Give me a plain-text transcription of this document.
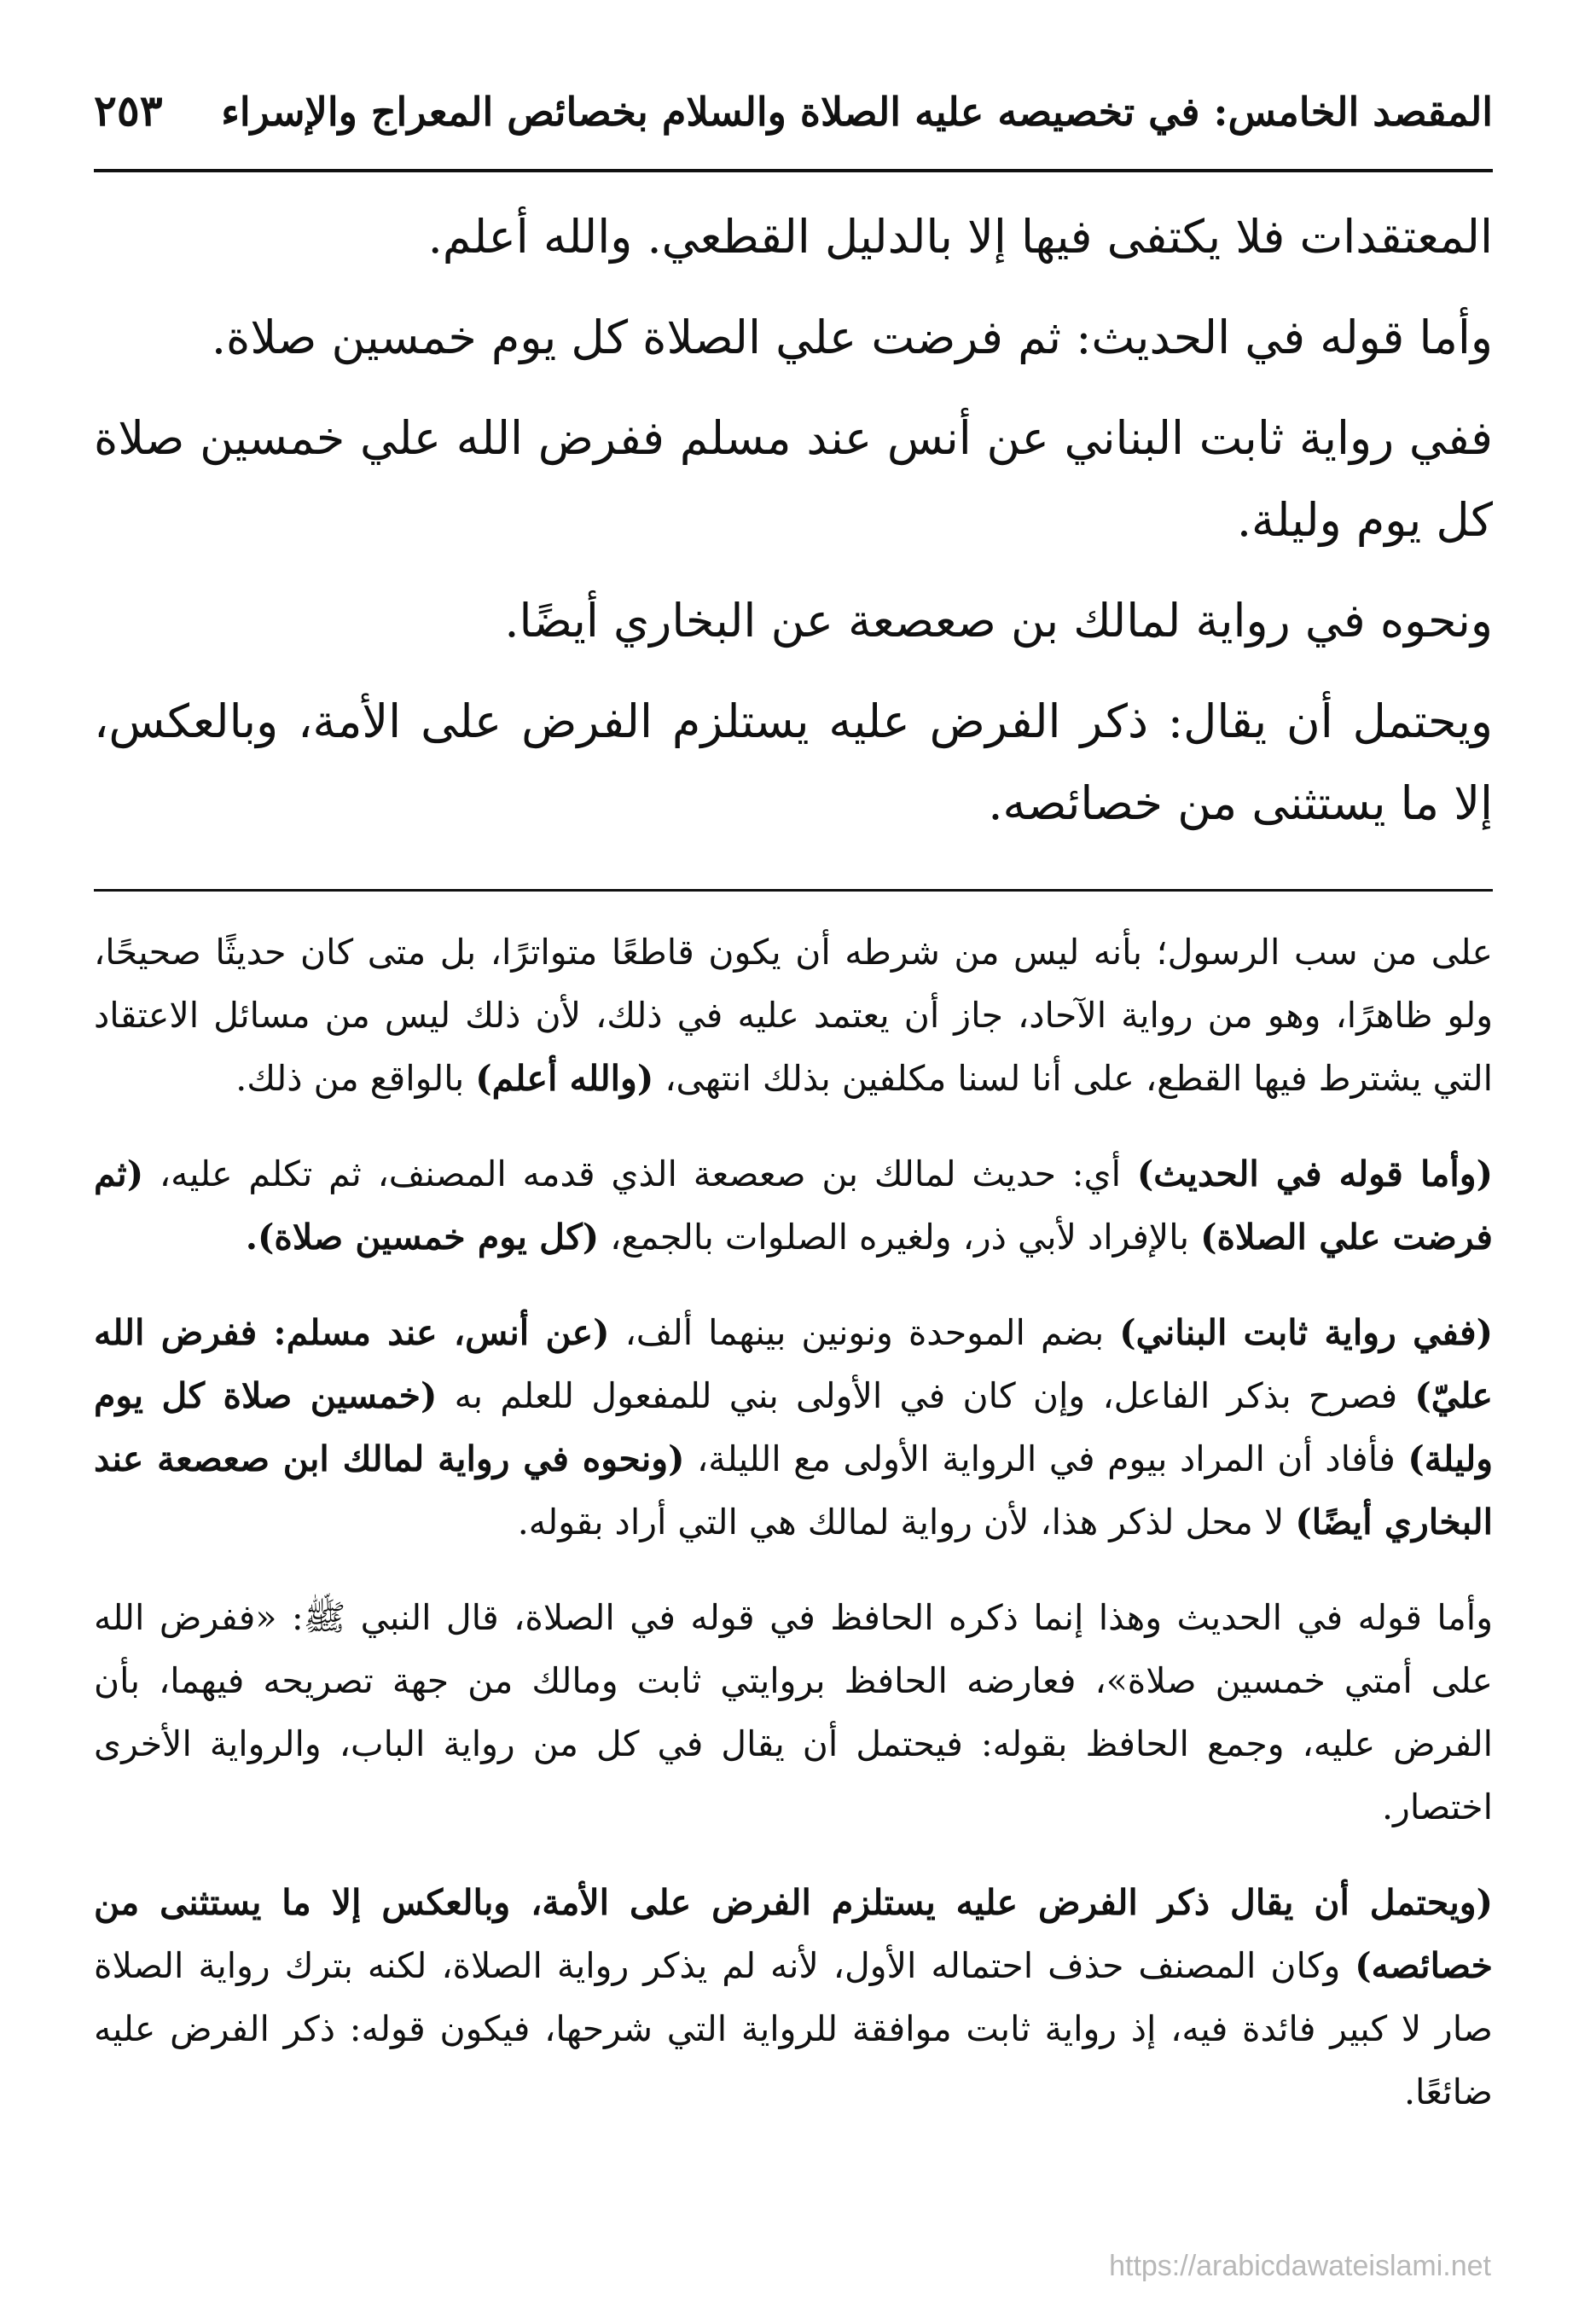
المقصد الخامس: في تخصيصه عليه الصلاة والسلام بخصائص المعراج والإسراء
٢٥٣

المعتقدات فلا يكتفى فيها إلا بالدليل القطعي. والله أعلم.

وأما قوله في الحديث: ثم فرضت علي الصلاة كل يوم خمسين صلاة.

ففي رواية ثابت البناني عن أنس عند مسلم ففرض الله علي خمسين صلاة كل يوم وليلة.

ونحوه في رواية لمالك بن صعصعة عن البخاري أيضًا.

ويحتمل أن يقال: ذكر الفرض عليه يستلزم الفرض على الأمة، وبالعكس، إلا ما يستثنى من خصائصه.

على من سب الرسول؛ بأنه ليس من شرطه أن يكون قاطعًا متواترًا، بل متى كان حديثًا صحيحًا، ولو ظاهرًا، وهو من رواية الآحاد، جاز أن يعتمد عليه في ذلك، لأن ذلك ليس من مسائل الاعتقاد التي يشترط فيها القطع، على أنا لسنا مكلفين بذلك انتهى، (والله أعلم) بالواقع من ذلك.

(وأما قوله في الحديث) أي: حديث لمالك بن صعصعة الذي قدمه المصنف، ثم تكلم عليه، (ثم فرضت علي الصلاة) بالإفراد لأبي ذر، ولغيره الصلوات بالجمع، (كل يوم خمسين صلاة).

(ففي رواية ثابت البناني) بضم الموحدة ونونين بينهما ألف، (عن أنس، عند مسلم: ففرض الله عليّ) فصرح بذكر الفاعل، وإن كان في الأولى بني للمفعول للعلم به (خمسين صلاة كل يوم وليلة) فأفاد أن المراد بيوم في الرواية الأولى مع الليلة، (ونحوه في رواية لمالك ابن صعصعة عند البخاري أيضًا) لا محل لذكر هذا، لأن رواية لمالك هي التي أراد بقوله.

وأما قوله في الحديث وهذا إنما ذكره الحافظ في قوله في الصلاة، قال النبي ﷺ: «ففرض الله على أمتي خمسين صلاة»، فعارضه الحافظ بروايتي ثابت ومالك من جهة تصريحه فيهما، بأن الفرض عليه، وجمع الحافظ بقوله: فيحتمل أن يقال في كل من رواية الباب، والرواية الأخرى اختصار.

(ويحتمل أن يقال ذكر الفرض عليه يستلزم الفرض على الأمة، وبالعكس إلا ما يستثنى من خصائصه) وكان المصنف حذف احتماله الأول، لأنه لم يذكر رواية الصلاة، لكنه بترك رواية الصلاة صار لا كبير فائدة فيه، إذ رواية ثابت موافقة للرواية التي شرحها، فيكون قوله: ذكر الفرض عليه ضائعًا.

https://arabicdawateislami.net
